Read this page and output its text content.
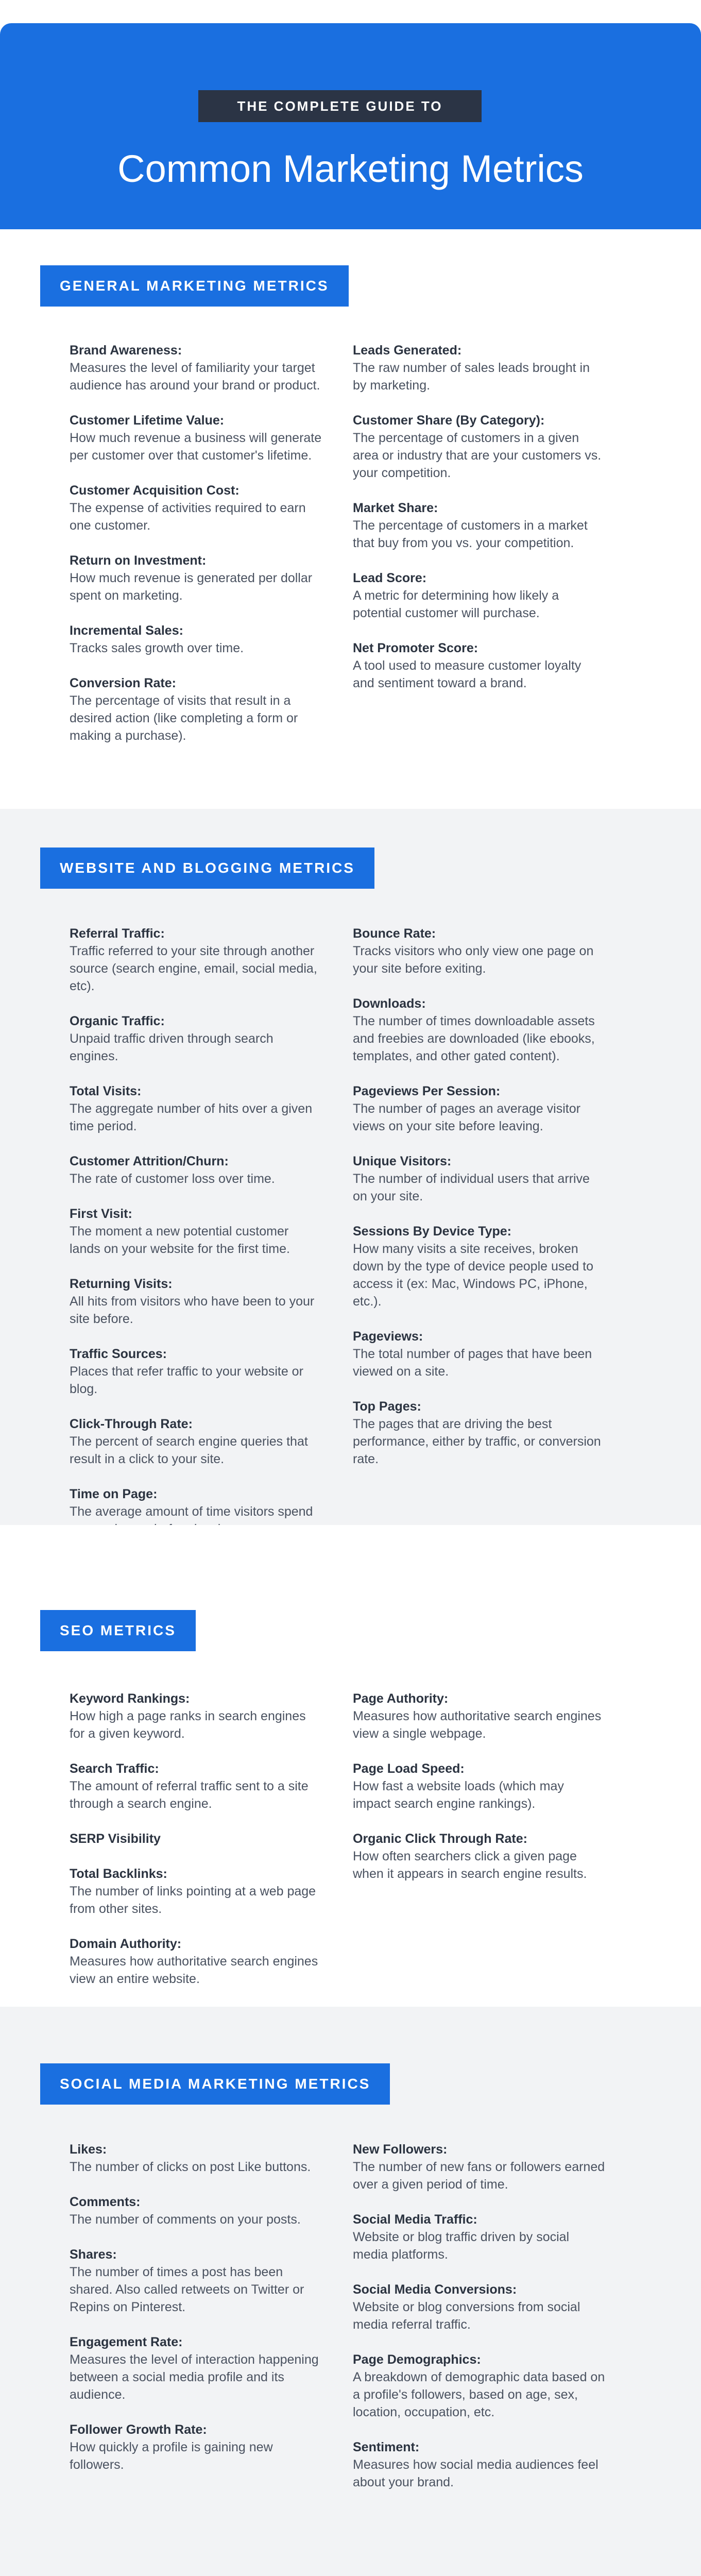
THE COMPLETE GUIDE TO
Common Marketing Metrics
GENERAL MARKETING METRICS
Brand Awareness:
Measures the level of familiarity your target audience has around your brand or product.
Customer Lifetime Value:
How much revenue a business will generate per customer over that customer's lifetime.
Customer Acquisition Cost:
The expense of activities required to earn one customer.
Return on Investment:
How much revenue is generated per dollar spent on marketing.
Incremental Sales:
Tracks sales growth over time.
Conversion Rate:
The percentage of visits that result in a desired action (like completing a form or making a purchase).
Leads Generated:
The raw number of sales leads brought in by marketing.
Customer Share (By Category):
The percentage of customers in a given area or industry that are your customers vs. your competition.
Market Share:
The percentage of customers in a market that buy from you vs. your competition.
Lead Score:
A metric for determining how likely a potential customer will purchase.
Net Promoter Score:
A tool used to measure customer loyalty and sentiment toward a brand.
WEBSITE AND BLOGGING METRICS
Referral Traffic:
Traffic referred to your site through another source (search engine, email, social media, etc).
Organic Traffic:
Unpaid traffic driven through search engines.
Total Visits:
The aggregate number of hits over a given time period.
Customer Attrition/Churn:
The rate of customer loss over time.
First Visit:
The moment a new potential customer lands on your website for the first time.
Returning Visits:
All hits from visitors who have been to your site before.
Traffic Sources:
Places that refer traffic to your website or blog.
Click-Through Rate:
The percent of search engine queries that result in a click to your site.
Time on Page:
The average amount of time visitors spend
Bounce Rate:
Tracks visitors who only view one page on your site before exiting.
Downloads:
The number of times downloadable assets and freebies are downloaded (like ebooks, templates, and other gated content).
Pageviews Per Session:
The number of pages an average visitor views on your site before leaving.
Unique Visitors:
The number of individual users that arrive on your site.
Sessions By Device Type:
How many visits a site receives, broken down by the type of device people used to access it (ex: Mac, Windows PC, iPhone, etc.).
Pageviews:
The total number of pages that have been viewed on a site.
Top Pages:
The pages that are driving the best performance, either by traffic, or conversion rate.
SEO METRICS
Keyword Rankings:
How high a page ranks in search engines for a given keyword.
Search Traffic:
The amount of referral traffic sent to a site through a search engine.
SERP Visibility
Total Backlinks:
The number of links pointing at a web page from other sites.
Domain Authority:
Measures how authoritative search engines view an entire website.
Page Authority:
Measures how authoritative search engines view a single webpage.
Page Load Speed:
How fast a website loads (which may impact search engine rankings).
Organic Click Through Rate:
How often searchers click a given page when it appears in search engine results.
SOCIAL MEDIA MARKETING METRICS
Likes:
The number of clicks on post Like buttons.
Comments:
The number of comments on your posts.
Shares:
The number of times a post has been shared. Also called retweets on Twitter or Repins on Pinterest.
Engagement Rate:
Measures the level of interaction happening between a social media profile and its audience.
Follower Growth Rate:
How quickly a profile is gaining new followers.
New Followers:
The number of new fans or followers earned over a given period of time.
Social Media Traffic:
Website or blog traffic driven by social media platforms.
Social Media Conversions:
Website or blog conversions from social media referral traffic.
Page Demographics:
A breakdown of demographic data based on a profile's followers, based on age, sex, location, occupation, etc.
Sentiment:
Measures how social media audiences feel about your brand.
